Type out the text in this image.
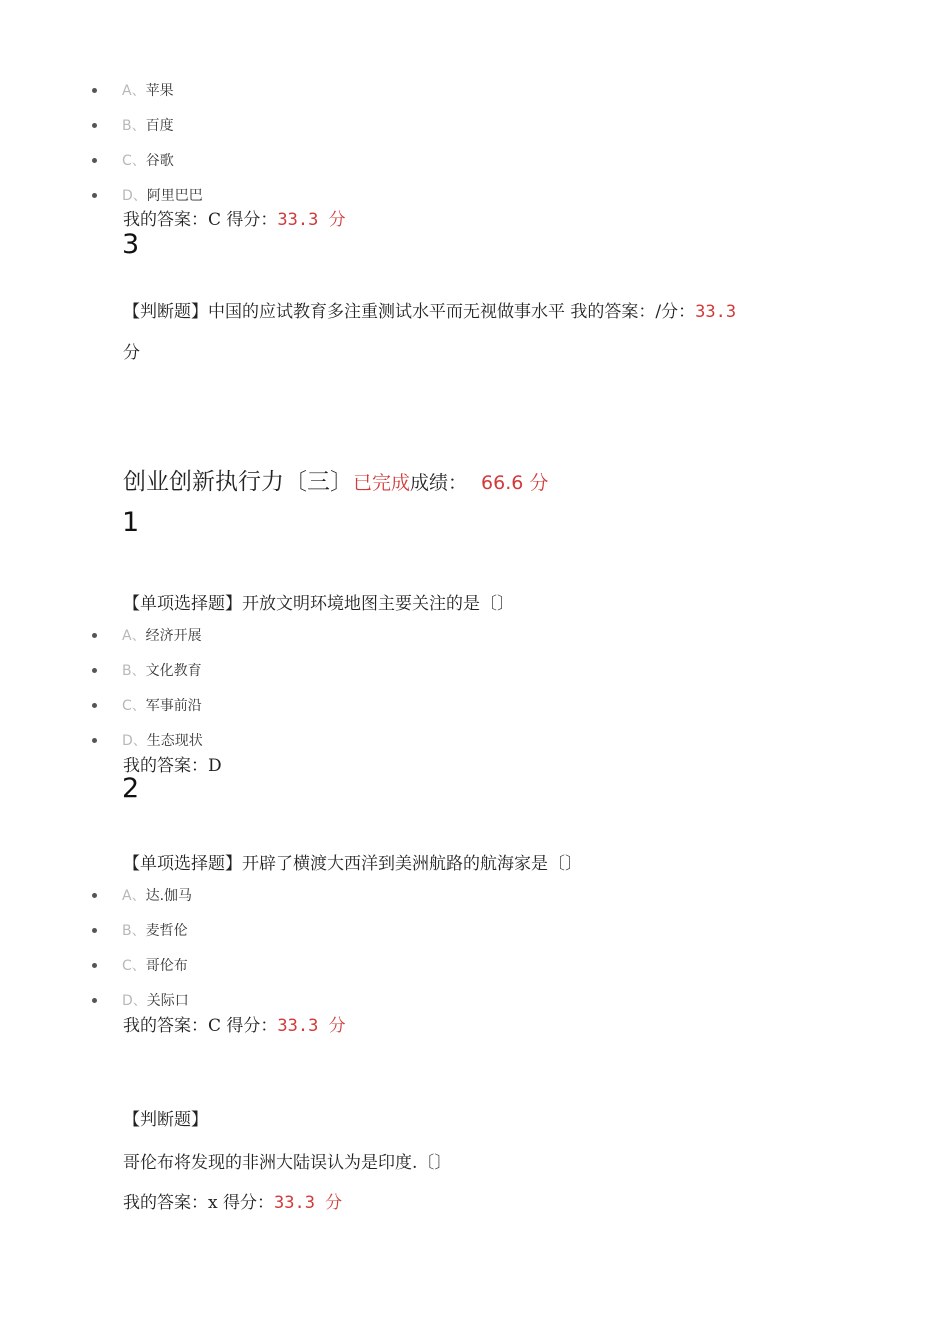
A、苹果
B、百度
C、谷歌
D、阿里巴巴
我的答案：C 得分：33.3 分
3
【判断题】中国的应试教育多注重测试水平而无视做事水平 我的答案：/分：33.3
分
创业创新执行力〔三〕已完成成绩： 66.6 分
1
【单项选择题】开放文明环境地图主要关注的是〔〕
A、经济开展
B、文化教育
C、军事前沿
D、生态现状
我的答案：D
2
【单项选择题】开辟了横渡大西洋到美洲航路的航海家是〔〕
A、达.伽马
B、麦哲伦
C、哥伦布
D、关际口
我的答案：C 得分：33.3 分
【判断题】
哥伦布将发现的非洲大陆误认为是印度.〔〕
我的答案：x 得分：33.3 分
